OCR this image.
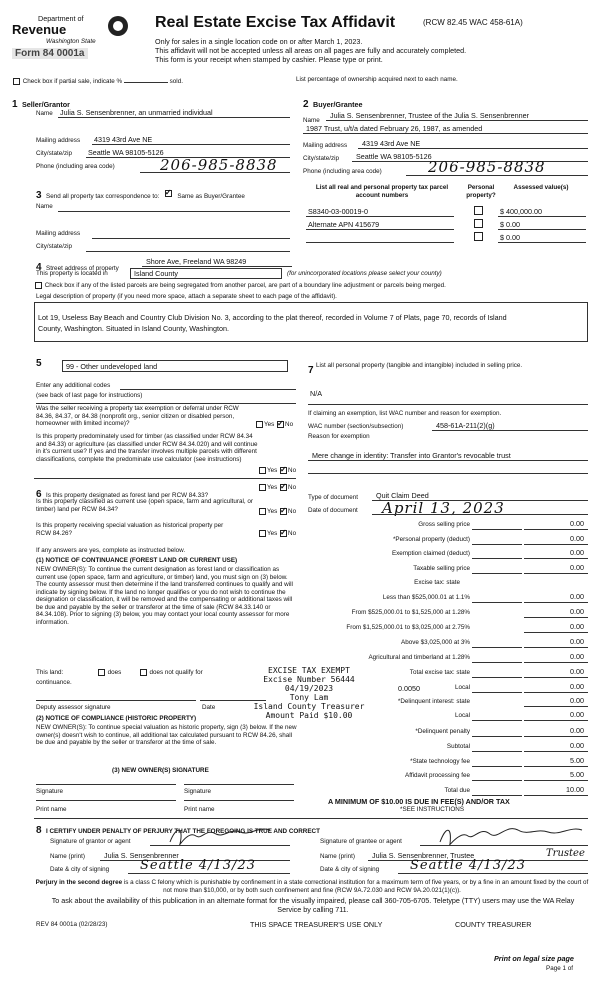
Department of
Revenue
Washington State
Form 84 0001a
Real Estate Excise Tax Affidavit	(RCW 82.45 WAC 458-61A)
Only for sales in a single location code on or after March 1, 2023.
This affidavit will not be accepted unless all areas on all pages are fully and accurately completed.
This form is your receipt when stamped by cashier. Please type or print.
Check box if partial sale, indicate %	sold.	List percentage of ownership acquired next to each name.
1 Seller/Grantor
Name Julia S. Sensenbrenner, an unmarried individual
Mailing address 4319 43rd Ave NE
City/state/zip Seattle WA 98105-5126
Phone (including area code)	206-985-8838
2 Buyer/Grantee
Name
Julia S. Sensenbrenner, Trustee of the Julia S. Sensenbrenner
1987 Trust, u/t/a dated February 26, 1987, as amended
Mailing address 4319 43rd Ave NE
City/state/zip Seattle WA 98105-5126
Phone (including area code)	206-985-8838
3 Send all property tax correspondence to: ✓	Same as Buyer/Grantee
Name
Mailing address
City/state/zip
List all real and personal property tax parcel account numbers
Personal property?
Assessed value(s)
S8340-03-00019-0	$ 400,000.00
Alternate APN 415679	$ 0.00
$ 0.00
4 Street address of property
Shore Ave, Freeland WA 98249
This property is located in	Island County	(for unincorporated locations please select your county)
Check box if any of the listed parcels are being segregated from another parcel, are part of a boundary line adjustment or parcels being merged.
Legal description of property (if you need more space, attach a separate sheet to each page of the affidavit).
Lot 19, Useless Bay Beach and Country Club Division No. 3, according to the plat thereof, recorded in Volume 7 of Plats, page 70, records of Island
County, Washington. Situated in Island County, Washington.
5	99 - Other undeveloped land
Enter any additional codes
(see back of last page for instructions)
Was the seller receiving a property tax exemption or deferral under RCW 84.36, 84.37, or 84.38 (nonprofit org., senior citizen or disabled person, homeowner with limited income)?	Yes ✓ No
Is this property predominately used for timber (as classified under RCW 84.34 and 84.33) or agriculture (as classified under RCW 84.34.020) and will continue in it's current use? If yes and the transfer involves multiple parcels with different classifications, complete the predominate use calculator (see instructions)
Yes ✓ No
6 Is this property designated as forest land per RCW 84.33?
Yes ✓ No
Is this property classified as current use (open space, farm and agricultural, or timber) land per RCW 84.34?	Yes ✓ No
Is this property receiving special valuation as historical property per RCW 84.26?	Yes ✓ No
If any answers are yes, complete as instructed below.
(1) NOTICE OF CONTINUANCE (FOREST LAND OR CURRENT USE)
NEW OWNER(S): To continue the current designation as forest land or classification as current use (open space, farm and agriculture, or timber) land, you must sign on (3) below. The county assessor must then determine if the land transferred continues to qualify and will indicate by signing below. If the land no longer qualifies or you do not wish to continue the designation or classification, it will be removed and the compensating or additional taxes will be due and payable by the seller or transferor at the time of sale (RCW 84.33.140 or 84.34.108). Prior to signing (3) below, you may contact your local county assessor for more information.
This land:	does	does not qualify for
continuance.
Deputy assessor signature	Date
(2) NOTICE OF COMPLIANCE (HISTORIC PROPERTY)
NEW OWNER(S): To continue special valuation as historic property, sign (3) below. If the new owner(s) doesn't wish to continue, all additional tax calculated pursuant to RCW 84.26, shall be due and payable by the seller or transferor at the time of sale.
(3) NEW OWNER(S) SIGNATURE
Signature	Signature
Print name	Print name
EXCISE TAX EXEMPT
Excise Number 56444
04/19/2023
Tony Lam
Island County Treasurer
Amount Paid $10.00
7 List all personal property (tangible and intangible) included in selling price.
N/A
If claiming an exemption, list WAC number and reason for exemption.
WAC number (section/subsection)	458-61A-211(2)(g)
Reason for exemption
Mere change in identity: Transfer into Grantor's revocable trust
Type of document Quit Claim Deed
Date of document April 13, 2023
Gross selling price	0.00
*Personal property (deduct)	0.00
Exemption claimed (deduct)	0.00
Taxable selling price	0.00
Excise tax: state
Less than $525,000.01 at 1.1%	0.00
From $525,000.01 to $1,525,000 at 1.28%	0.00
From $1,525,000.01 to $3,025,000 at 2.75%	0.00
Above $3,025,000 at 3%	0.00
Agricultural and timberland at 1.28%	0.00
Total excise tax: state	0.00
0.0050	Local	0.00
*Delinquent interest: state	0.00
Local	0.00
*Delinquent penalty	0.00
Subtotal	0.00
*State technology fee	5.00
Affidavit processing fee	5.00
Total due	10.00
A MINIMUM OF $10.00 IS DUE IN FEE(S) AND/OR TAX
*SEE INSTRUCTIONS
8 I CERTIFY UNDER PENALTY OF PERJURY THAT THE FOREGOING IS TRUE AND CORRECT
Signature of grantor or agent
Name (print)	Julia S. Sensenbrenner
Date & city of signing Seattle 4/13/23
Signature of grantee or agent
Name (print) Julia S. Sensenbrenner, Trustee	Trustee
Date & city of signing Seattle 4/13/23
Perjury in the second degree is a class C felony which is punishable by confinement in a state correctional institution for a maximum term of five years, or by a fine in an amount fixed by the court of not more than $10,000, or by both such confinement and fine (RCW 9A.72.030 and RCW 9A.20.021(1)(c)).
To ask about the availability of this publication in an alternate format for the visually impaired, please call 360-705-6705. Teletype (TTY) users may use the WA Relay Service by calling 711.
REV 84 0001a (02/28/23)	THIS SPACE TREASURER'S USE ONLY	COUNTY TREASURER
Print on legal size page
Page 1 of
